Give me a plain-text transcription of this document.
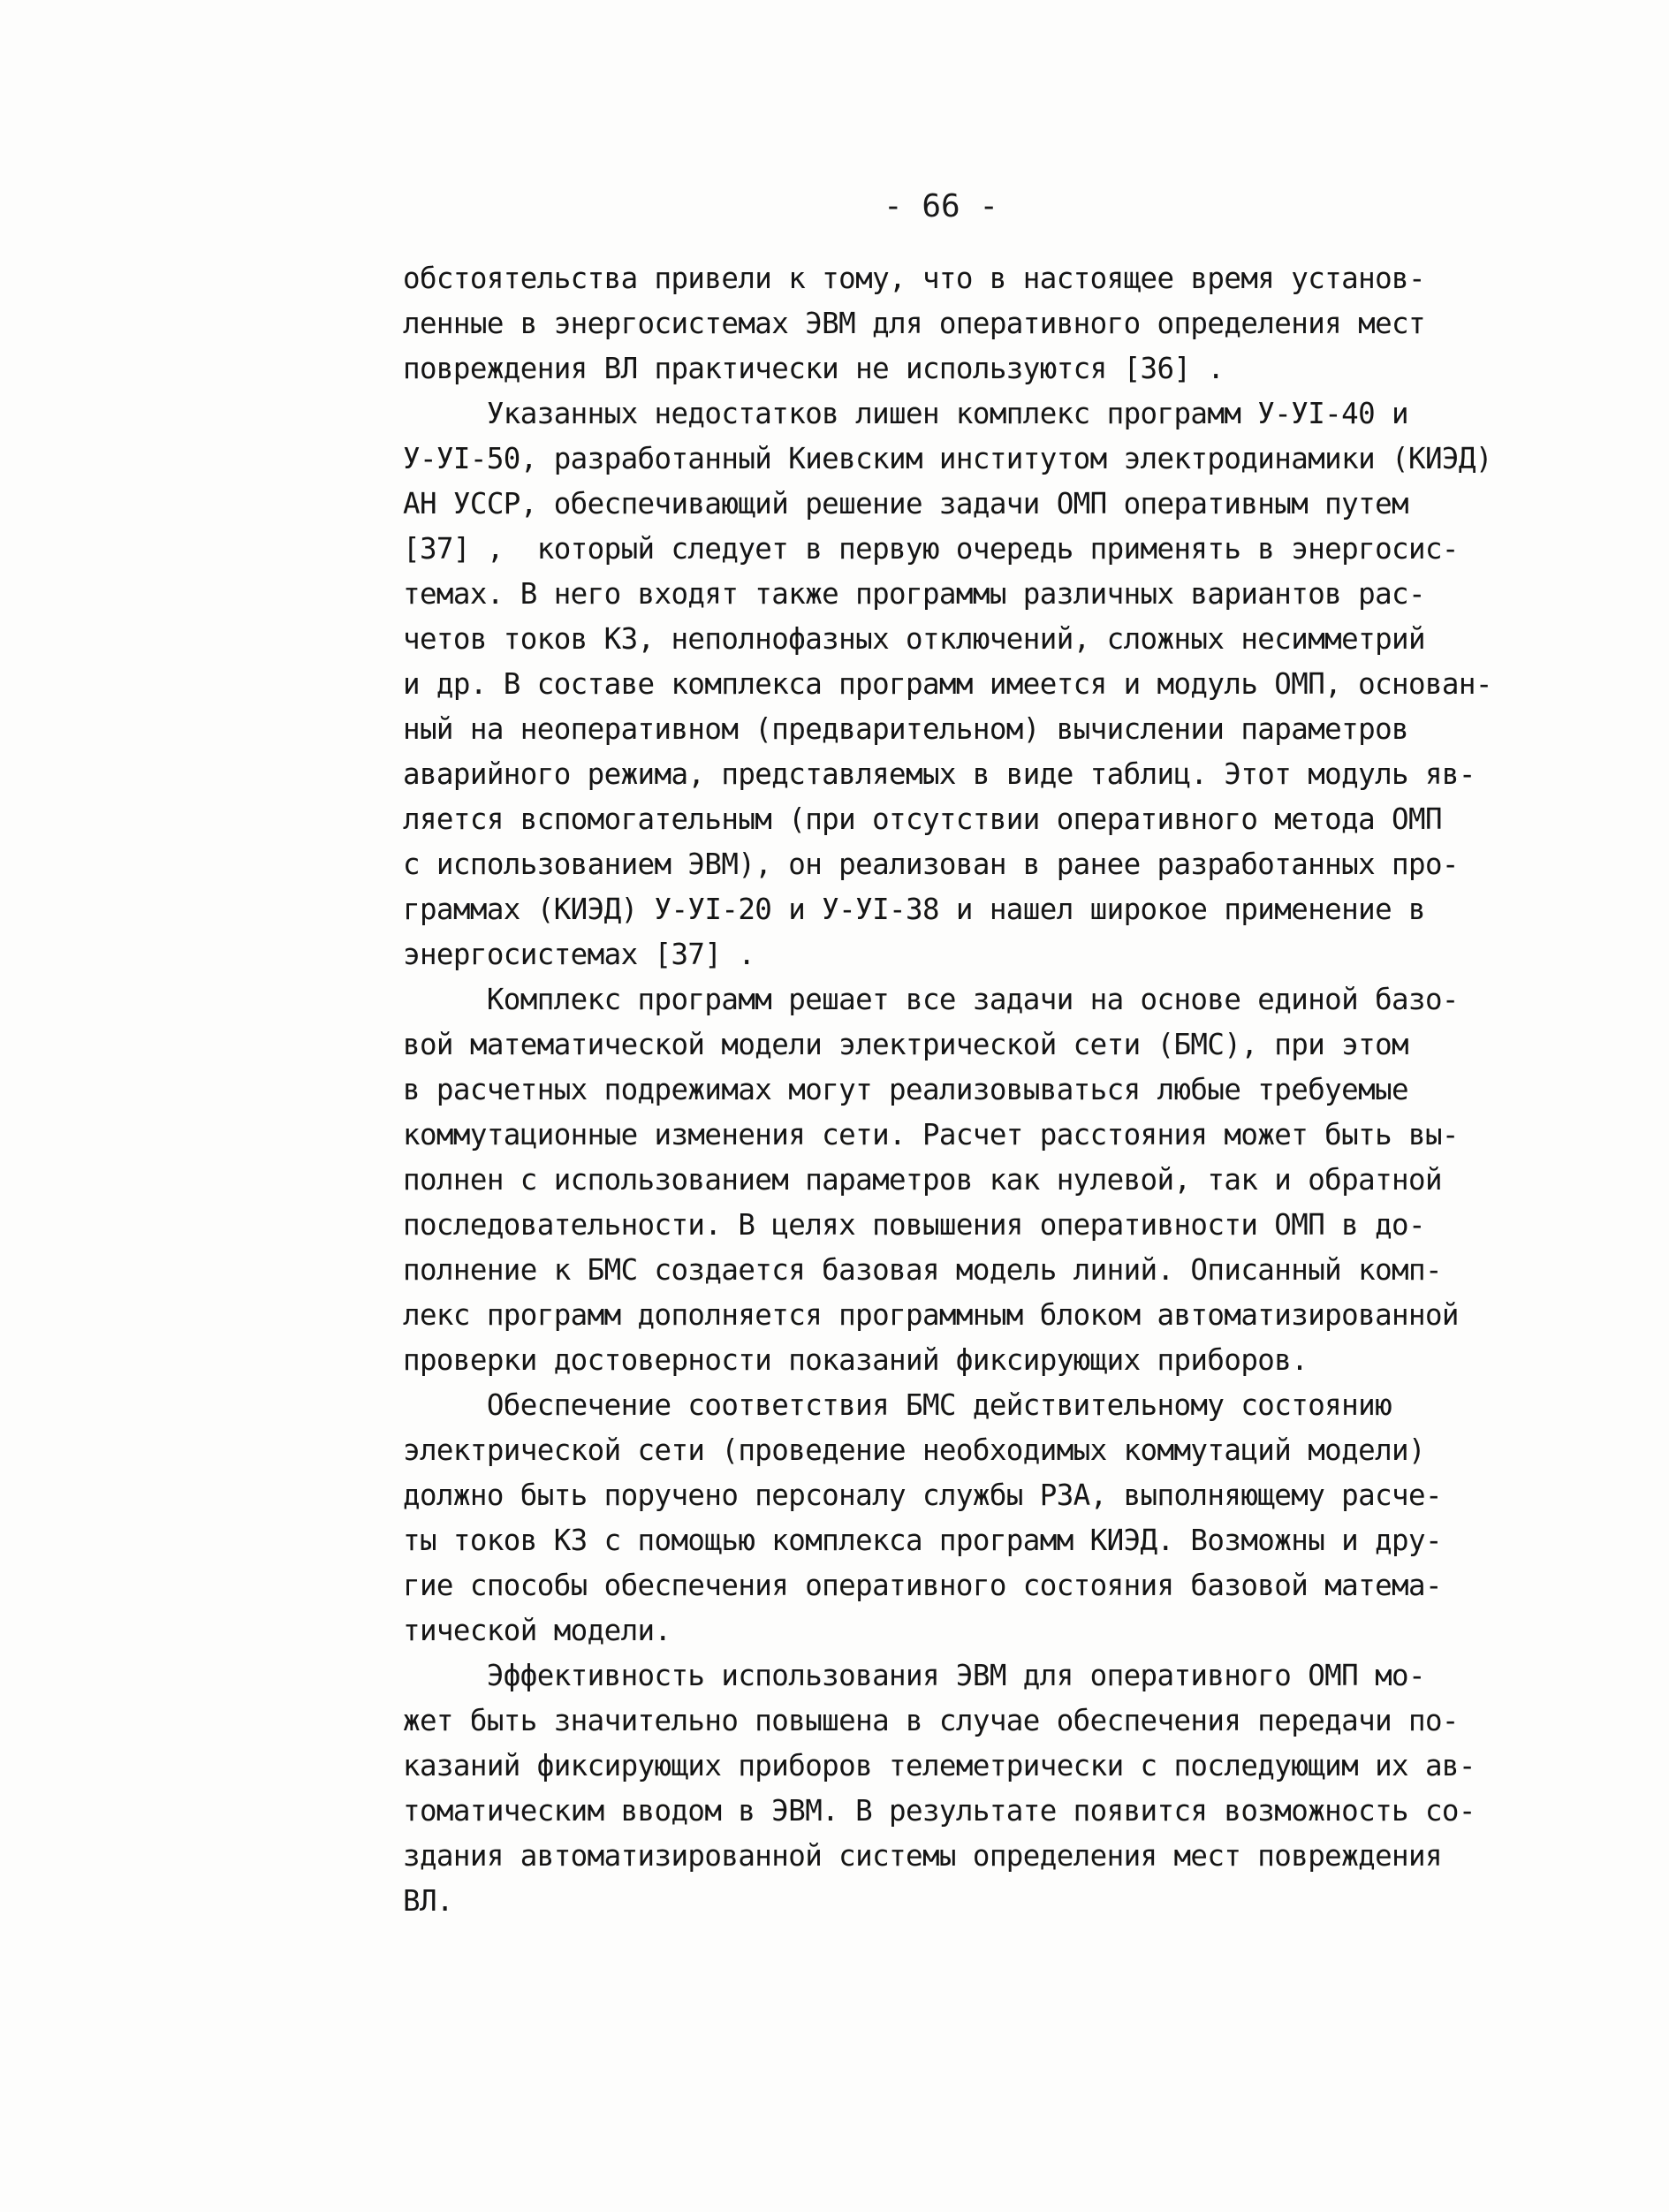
- 66 -
обстоятельства привели к тому, что в настоящее время установ-
ленные в энергосистемах ЭВМ для оперативного определения мест
повреждения ВЛ практически не используются [36] .
Указанных недостатков лишен комплекс программ У-УI-40 и
У-УI-50, разработанный Киевским институтом электродинамики (КИЭД)
АН УССР, обеспечивающий решение задачи ОМП оперативным путем
[37] ,  который следует в первую очередь применять в энергосис-
темах. В него входят также программы различных вариантов рас-
четов токов КЗ, неполнофазных отключений, сложных несимметрий
и др. В составе комплекса программ имеется и модуль ОМП, основан-
ный на неоперативном (предварительном) вычислении параметров
аварийного режима, представляемых в виде таблиц. Этот модуль яв-
ляется вспомогательным (при отсутствии оперативного метода ОМП
с использованием ЭВМ), он реализован в ранее разработанных про-
граммах (КИЭД) У-УI-20 и У-УI-38 и нашел широкое применение в
энергосистемах [37] .
Комплекс программ решает все задачи на основе единой базо-
вой математической модели электрической сети (БМС), при этом
в расчетных подрежимах могут реализовываться любые требуемые
коммутационные изменения сети. Расчет расстояния может быть вы-
полнен с использованием параметров как нулевой, так и обратной
последовательности. В целях повышения оперативности ОМП в до-
полнение к БМС создается базовая модель линий. Описанный комп-
лекс программ дополняется программным блоком автоматизированной
проверки достоверности показаний фиксирующих приборов.
Обеспечение соответствия БМС действительному состоянию
электрической сети (проведение необходимых коммутаций модели)
должно быть поручено персоналу службы РЗА, выполняющему расче-
ты токов КЗ с помощью комплекса программ КИЭД. Возможны и дру-
гие способы обеспечения оперативного состояния базовой матема-
тической модели.
Эффективность использования ЭВМ для оперативного ОМП мо-
жет быть значительно повышена в случае обеспечения передачи по-
казаний фиксирующих приборов телеметрически с последующим их ав-
томатическим вводом в ЭВМ. В результате появится возможность со-
здания автоматизированной системы определения мест повреждения
ВЛ.
